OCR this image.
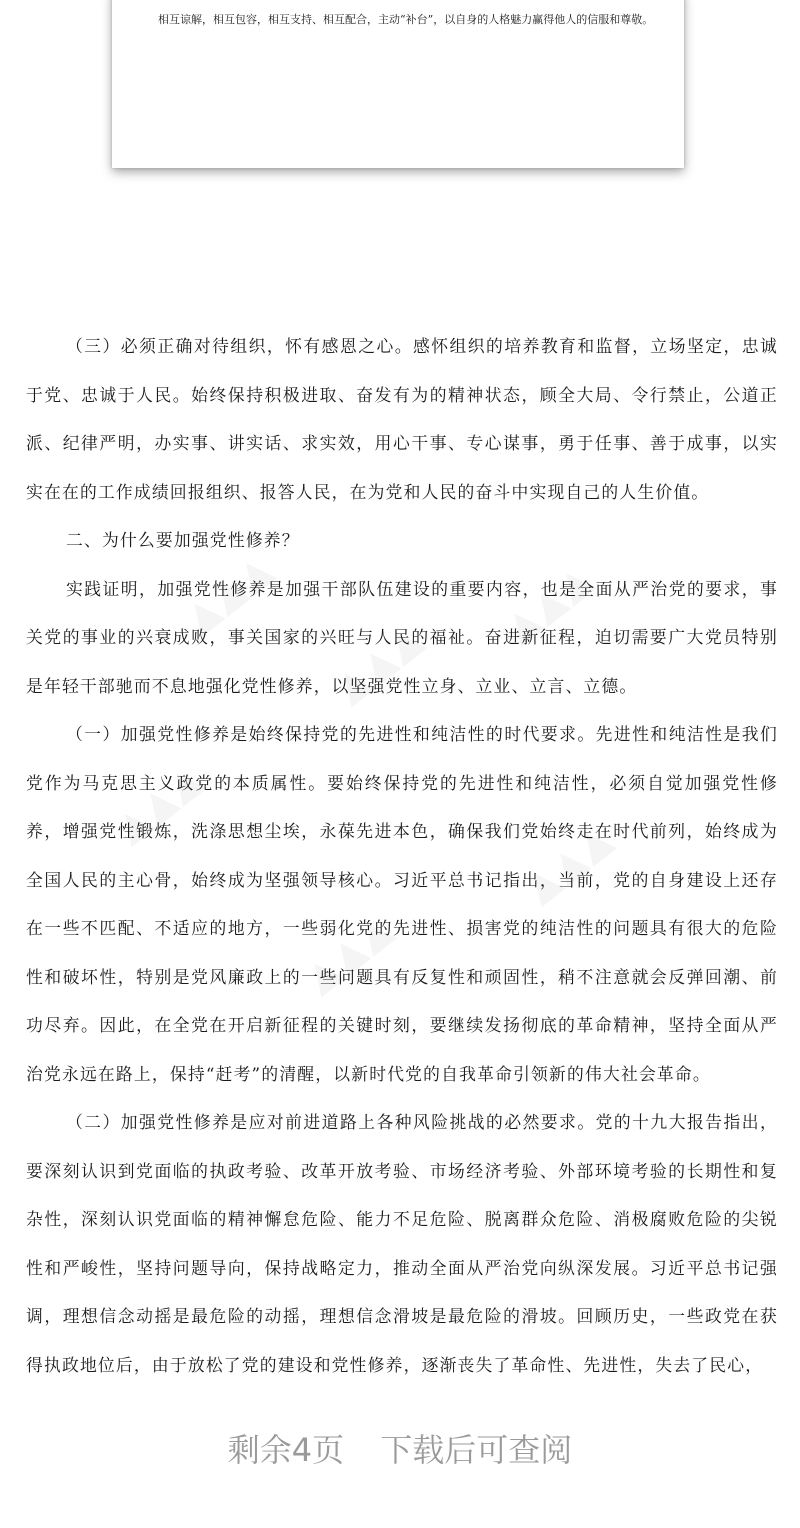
相互谅解，相互包容，相互支持、相互配合，主动“补台”，以自身的人格魅力赢得他人的信服和尊敬。

▲▲▲
▲▲▲
▲▲▲
▲▲▲
▲▲▲
▲▲▲

（三）必须正确对待组织，怀有感恩之心。感怀组织的培养教育和监督，立场坚定，忠诚于党、忠诚于人民。始终保持积极进取、奋发有为的精神状态，顾全大局、令行禁止，公道正派、纪律严明，办实事、讲实话、求实效，用心干事、专心谋事，勇于任事、善于成事，以实实在在的工作成绩回报组织、报答人民，在为党和人民的奋斗中实现自己的人生价值。

二、为什么要加强党性修养？

实践证明，加强党性修养是加强干部队伍建设的重要内容，也是全面从严治党的要求，事关党的事业的兴衰成败，事关国家的兴旺与人民的福祉。奋进新征程，迫切需要广大党员特别是年轻干部驰而不息地强化党性修养，以坚强党性立身、立业、立言、立德。

（一）加强党性修养是始终保持党的先进性和纯洁性的时代要求。先进性和纯洁性是我们党作为马克思主义政党的本质属性。要始终保持党的先进性和纯洁性，必须自觉加强党性修养，增强党性锻炼，洗涤思想尘埃，永葆先进本色，确保我们党始终走在时代前列，始终成为全国人民的主心骨，始终成为坚强领导核心。习近平总书记指出，当前，党的自身建设上还存在一些不匹配、不适应的地方，一些弱化党的先进性、损害党的纯洁性的问题具有很大的危险性和破坏性，特别是党风廉政上的一些问题具有反复性和顽固性，稍不注意就会反弹回潮、前功尽弃。因此，在全党在开启新征程的关键时刻，要继续发扬彻底的革命精神，坚持全面从严治党永远在路上，保持“赶考”的清醒，以新时代党的自我革命引领新的伟大社会革命。

（二）加强党性修养是应对前进道路上各种风险挑战的必然要求。党的十九大报告指出，要深刻认识到党面临的执政考验、改革开放考验、市场经济考验、外部环境考验的长期性和复杂性，深刻认识党面临的精神懈怠危险、能力不足危险、脱离群众危险、消极腐败危险的尖锐性和严峻性，坚持问题导向，保持战略定力，推动全面从严治党向纵深发展。习近平总书记强调，理想信念动摇是最危险的动摇，理想信念滑坡是最危险的滑坡。回顾历史，一些政党在获得执政地位后，由于放松了党的建设和党性修养，逐渐丧失了革命性、先进性，失去了民心，

剩余4页 下载后可查阅
